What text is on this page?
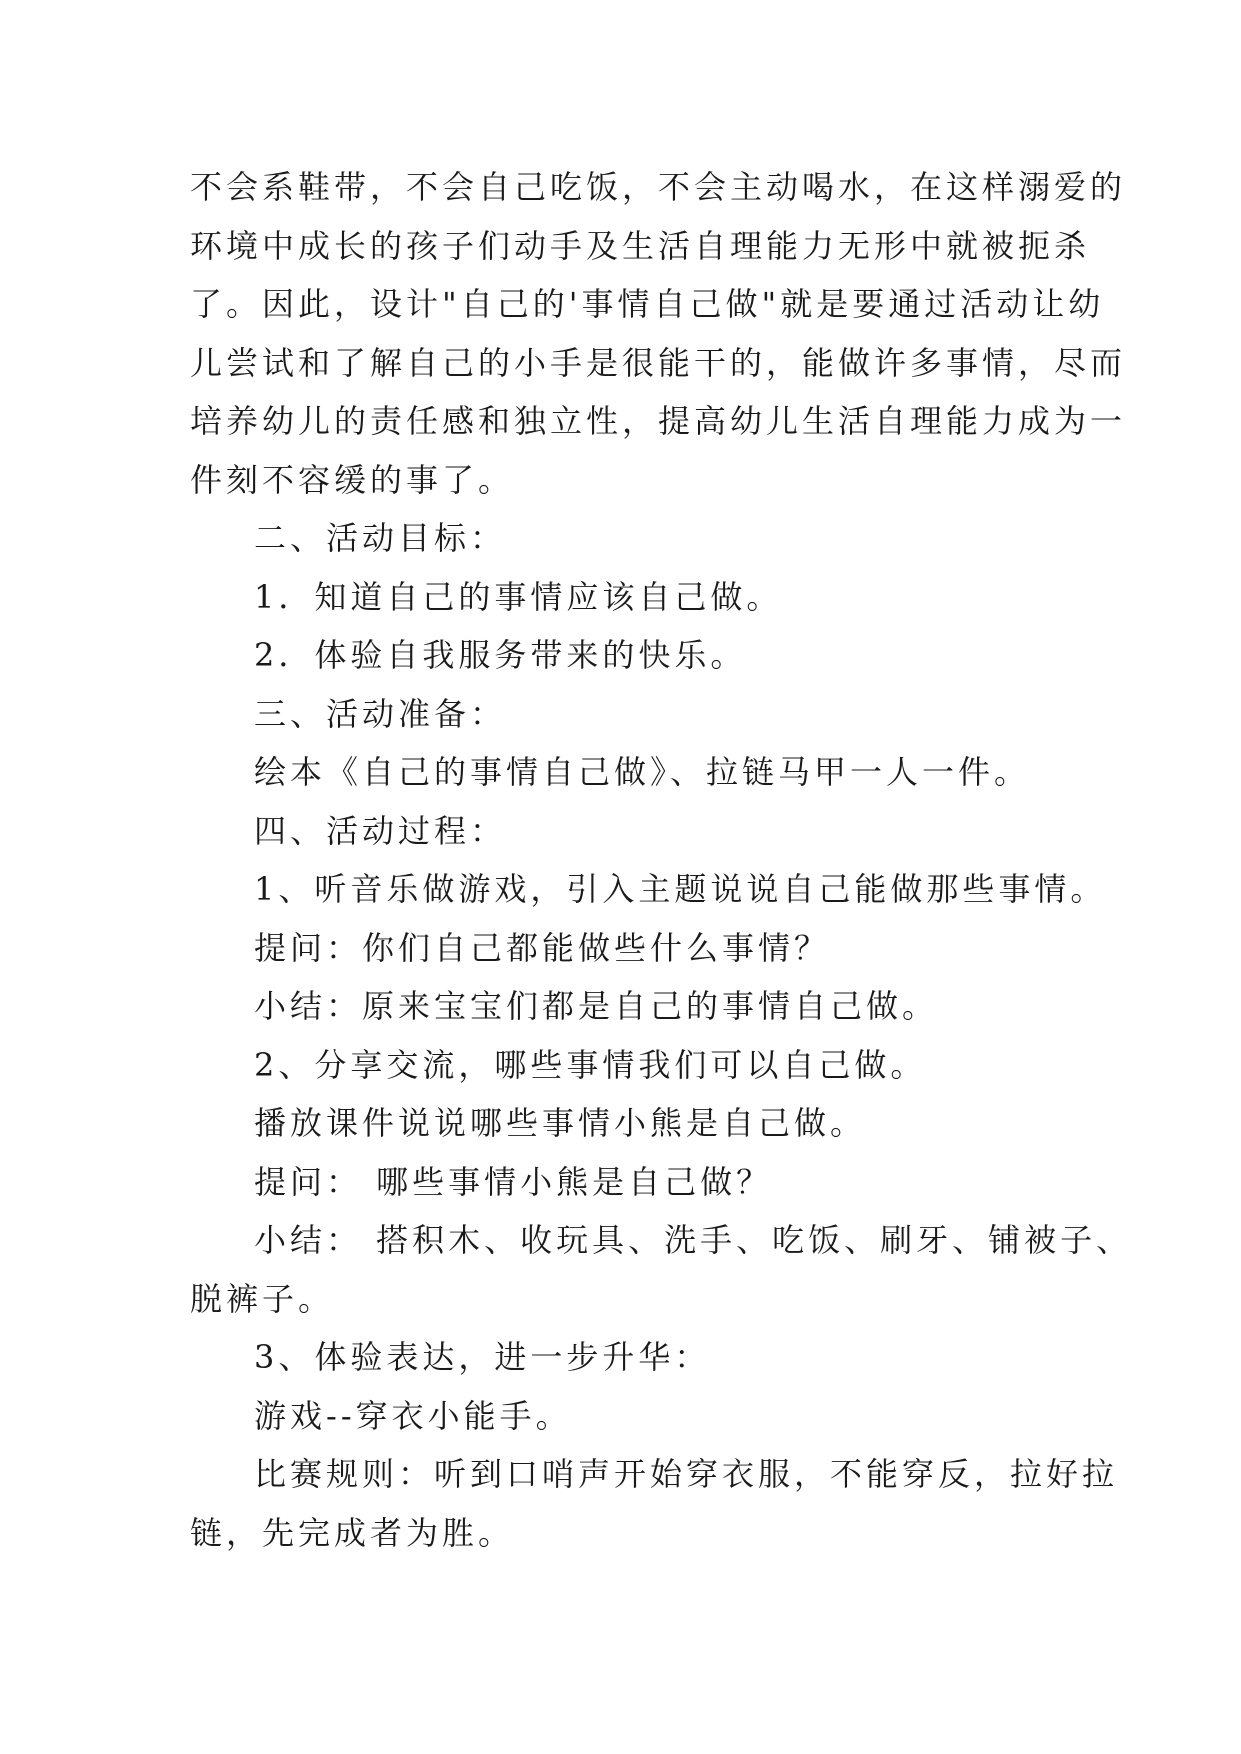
不会系鞋带，不会自己吃饭，不会主动喝水，在这样溺爱的
环境中成长的孩子们动手及生活自理能力无形中就被扼杀
了。因此，设计"自己的'事情自己做"就是要通过活动让幼
儿尝试和了解自己的小手是很能干的，能做许多事情，尽而
培养幼儿的责任感和独立性，提高幼儿生活自理能力成为一
件刻不容缓的事了。
二、活动目标：
1．知道自己的事情应该自己做。
2．体验自我服务带来的快乐。
三、活动准备：
绘本《自己的事情自己做》、拉链马甲一人一件。
四、活动过程：
1、听音乐做游戏，引入主题说说自己能做那些事情。
提问：你们自己都能做些什么事情？
小结：原来宝宝们都是自己的事情自己做。
2、分享交流，哪些事情我们可以自己做。
播放课件说说哪些事情小熊是自己做。
提问： 哪些事情小熊是自己做？
小结： 搭积木、收玩具、洗手、吃饭、刷牙、铺被子、
脱裤子。
3、体验表达，进一步升华：
游戏--穿衣小能手。
比赛规则：听到口哨声开始穿衣服，不能穿反，拉好拉
链，先完成者为胜。
